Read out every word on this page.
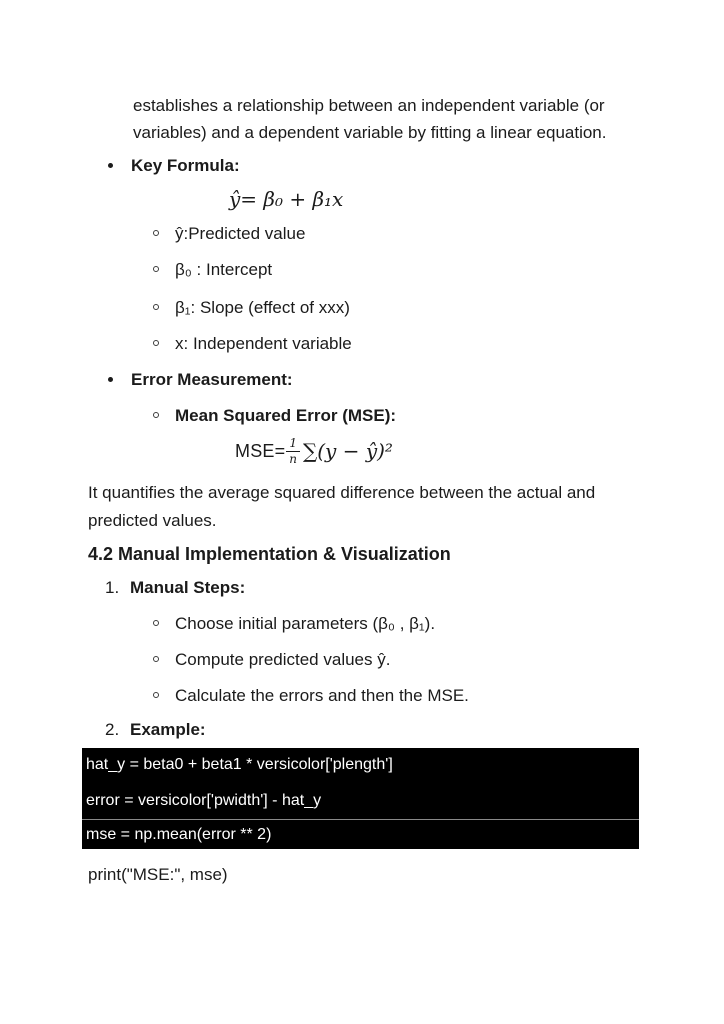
establishes a relationship between an independent variable (or variables) and a dependent variable by fitting a linear equation.

Key Formula:
ŷ= β₀ + β₁x
ŷ:Predicted value
β₀ : Intercept
β₁: Slope (effect of xxx)
x: Independent variable
Error Measurement:
Mean Squared Error (MSE):
$MSE= \frac{1}{n} \sum(y$ − ŷ)²

It quantifies the average squared difference between the actual and predicted values.

4.2 Manual Implementation & Visualization
1. Manual Steps:
Choose initial parameters (β₀ , β₁).
Compute predicted values ŷ.
Calculate the errors and then the MSE.
2. Example:
hat_y = beta0 + beta1 * versicolor['plength']
error = versicolor['pwidth'] - hat_y
mse = np.mean(error ** 2)

print("MSE:", mse)
